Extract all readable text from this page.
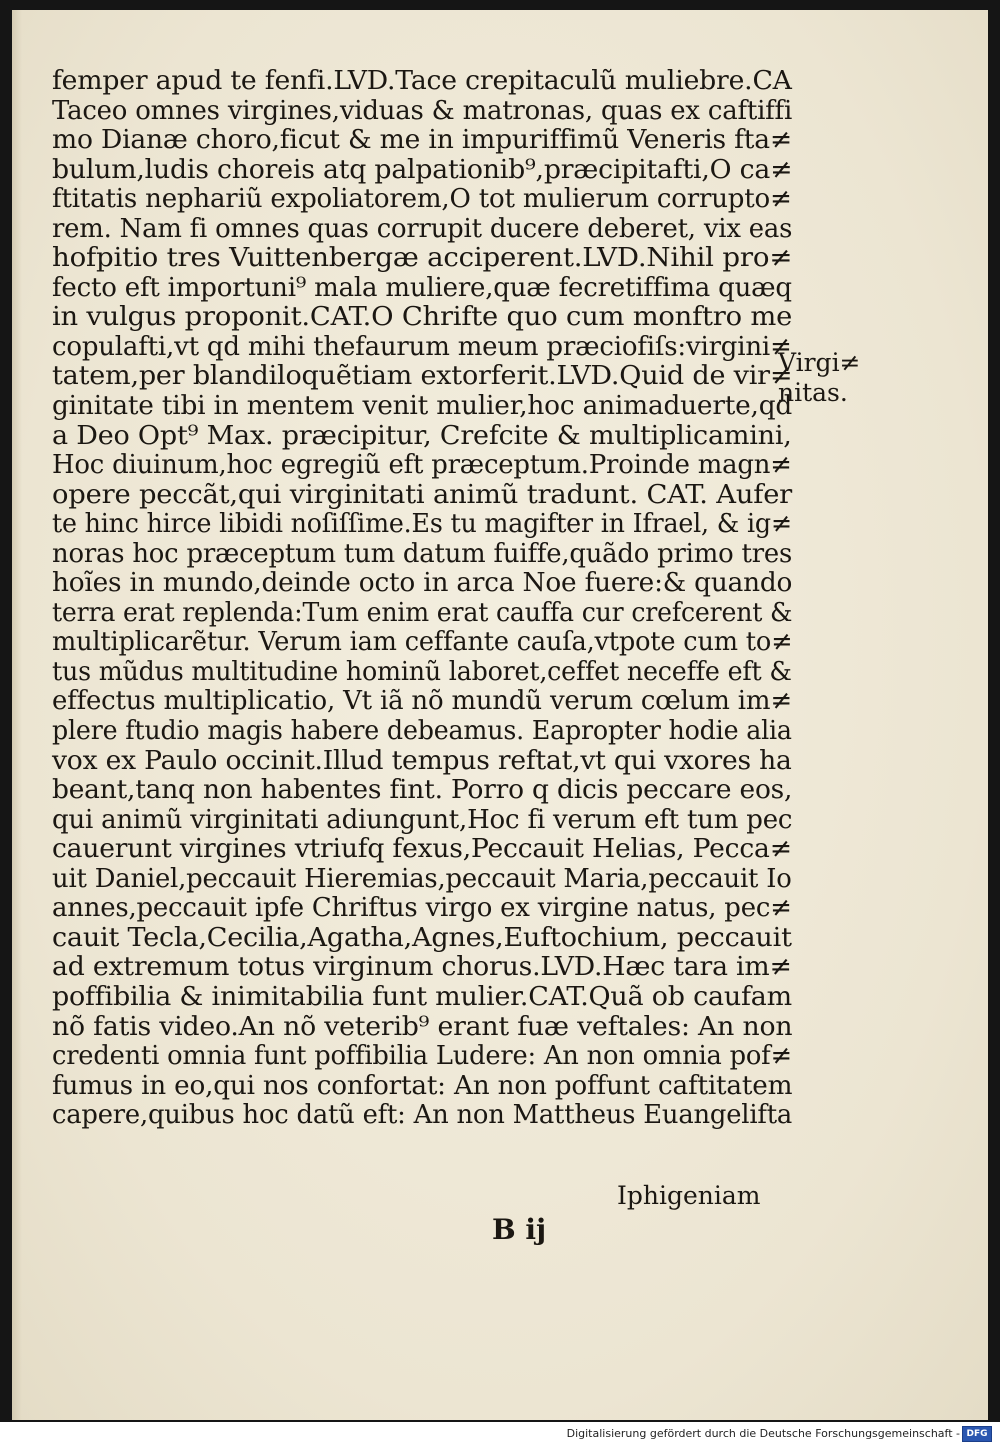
femper apud te fenfi.LVD.Tace crepitaculũ muliebre.CA
Taceo omnes virgines,viduas & matronas, quas ex caftiffi
mo Dianæ choro,ficut & me in impuriffimũ Veneris fta≠
bulum,ludis choreis atq palpationib⁹,præcipitafti,O ca≠
ftitatis nephariũ expoliatorem,O tot mulierum corrupto≠
rem. Nam fi omnes quas corrupit ducere deberet, vix eas
hofpitio tres Vuittenbergæ acciperent.LVD.Nihil pro≠
fecto eft importuni⁹ mala muliere,quæ fecretiffima quæq
in vulgus proponit.CAT.O Chrifte quo cum monftro me
copulafti,vt qd mihi thefaurum meum præciofiſs:virgini≠
tatem,per blandiloquẽtiam extorferit.LVD.Quid de vir≠
ginitate tibi in mentem venit mulier,hoc animaduerte,qd
a Deo Opt⁹ Max. præcipitur, Crefcite & multiplicamini,
Hoc diuinum,hoc egregiũ eft præceptum.Proinde magn≠
opere peccãt,qui virginitati animũ tradunt. CAT. Aufer
te hinc hirce libidi noſiſſime.Es tu magifter in Ifrael, & ig≠
noras hoc præceptum tum datum fuiffe,quãdo primo tres
hoĩes in mundo,deinde octo in arca Noe fuere:& quando
terra erat replenda:Tum enim erat cauffa cur crefcerent &
multiplicarẽtur. Verum iam ceffante cauſa,vtpote cum to≠
tus mũdus multitudine hominũ laboret,ceffet neceffe eft &
effectus multiplicatio, Vt iã nõ mundũ verum cœlum im≠
plere ftudio magis habere debeamus. Eapropter hodie alia
vox ex Paulo occinit.Illud tempus reftat,vt qui vxores ha
beant,tanq non habentes fint. Porro q dicis peccare eos,
qui animũ virginitati adiungunt,Hoc fi verum eft tum pec
cauerunt virgines vtriufq fexus,Peccauit Helias, Pecca≠
uit Daniel,peccauit Hieremias,peccauit Maria,peccauit Io
annes,peccauit ipfe Chriftus virgo ex virgine natus, pec≠
cauit Tecla,Cecilia,Agatha,Agnes,Euftochium, peccauit
ad extremum totus virginum chorus.LVD.Hæc tara im≠
poffibilia & inimitabilia funt mulier.CAT.Quã ob caufam
nõ fatis video.An nõ veterib⁹ erant fuæ veftales: An non
credenti omnia funt poffibilia Ludere: An non omnia pof≠
fumus in eo,qui nos confortat: An non poffunt caftitatem
capere,quibus hoc datũ eft: An non Mattheus Euangelifta
Virgi≠
nitas.
Iphigeniam
B ij
Digitalisierung gefördert durch die Deutsche Forschungsgemeinschaft - DFG
